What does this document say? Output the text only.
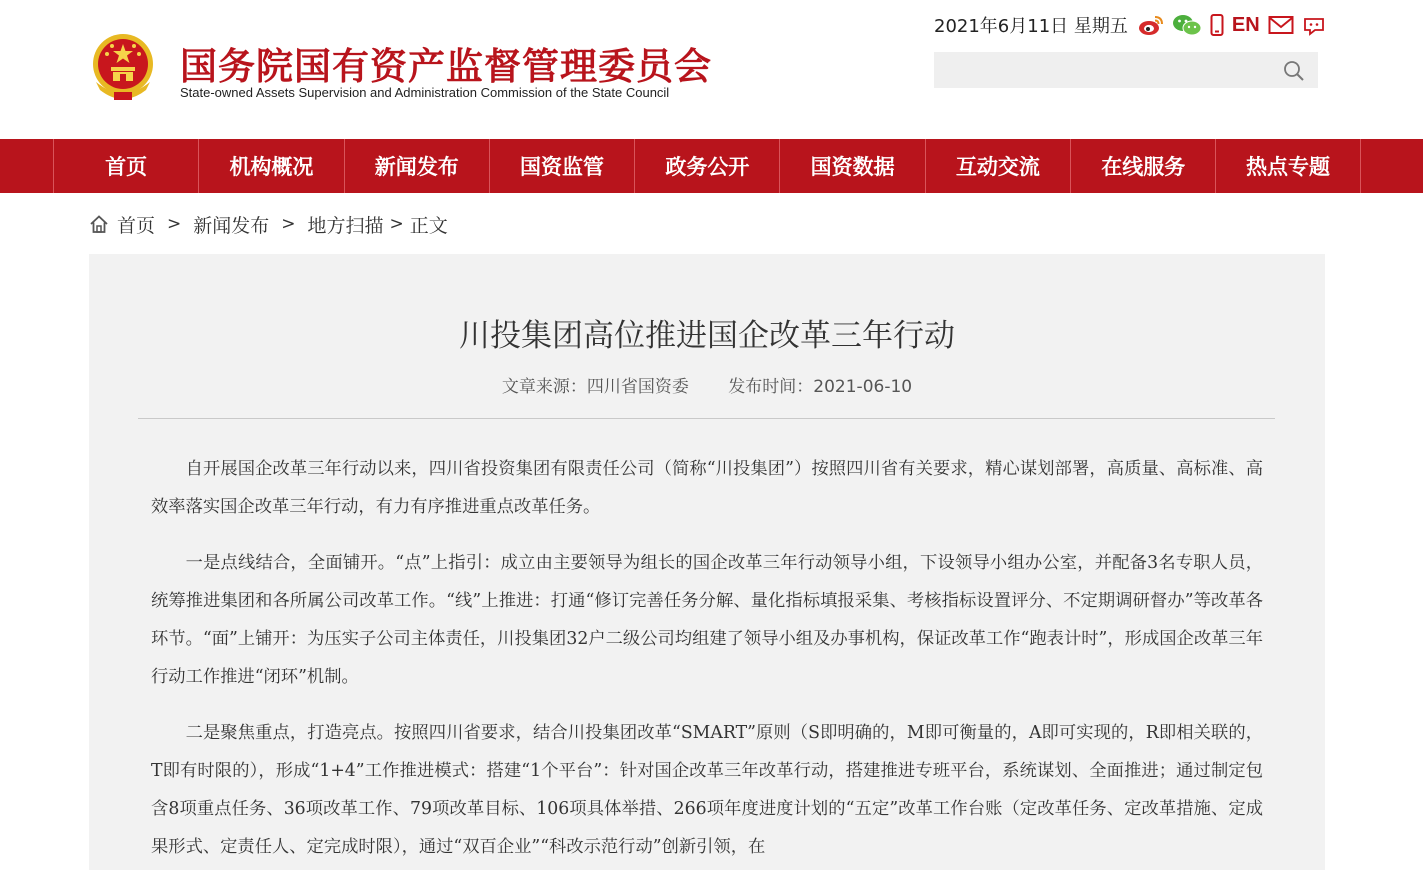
国务院国有资产监督管理委员会
State-owned Assets Supervision and Administration Commission of the State Council
2021年6月11日 星期五	EN
首页	机构概况	新闻发布	国资监管	政务公开	国资数据	互动交流	在线服务	热点专题
首页 > 新闻发布 > 地方扫描 > 正文
川投集团高位推进国企改革三年行动
文章来源：四川省国资委 发布时间：2021-06-10

自开展国企改革三年行动以来，四川省投资集团有限责任公司（简称“川投集团”）按照四川省有关要求，精心谋划部署，高质量、高标准、高效率落实国企改革三年行动，有力有序推进重点改革任务。

一是点线结合，全面铺开。“点”上指引：成立由主要领导为组长的国企改革三年行动领导小组，下设领导小组办公室，并配备3名专职人员，统筹推进集团和各所属公司改革工作。“线”上推进：打通“修订完善任务分解、量化指标填报采集、考核指标设置评分、不定期调研督办”等改革各环节。“面”上铺开：为压实子公司主体责任，川投集团32户二级公司均组建了领导小组及办事机构，保证改革工作“跑表计时”，形成国企改革三年行动工作推进“闭环”机制。

二是聚焦重点，打造亮点。按照四川省要求，结合川投集团改革“SMART”原则（S即明确的，M即可衡量的，A即可实现的，R即相关联的，T即有时限的），形成“1+4”工作推进模式：搭建“1个平台”：针对国企改革三年改革行动，搭建推进专班平台，系统谋划、全面推进；通过制定包含8项重点任务、36项改革工作、79项改革目标、106项具体举措、266项年度进度计划的“五定”改革工作台账（定改革任务、定改革措施、定成果形式、定责任人、定完成时限），通过“双百企业”“科改示范行动”创新引领，在
